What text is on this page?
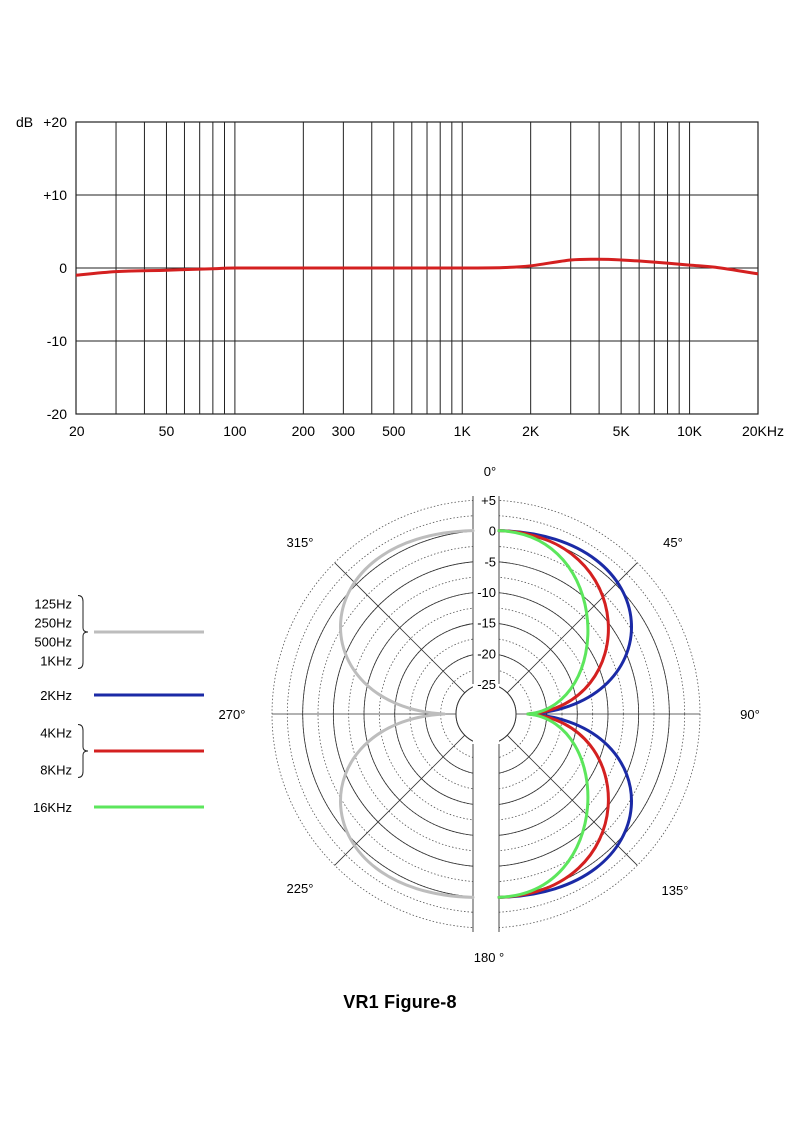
+20
+10
0
-10
-20
20	50	100	200 300 500	1K	2K	5K	10K	20KHz
dB
+5
0
-5
-10
-15
-20
-25
0°
45°
90°
135°
180 °
225°
270°
315°
125Hz
250Hz
500Hz
1KHz
2KHz
4KHz
8KHz
16KHz
VR1 Figure-8
